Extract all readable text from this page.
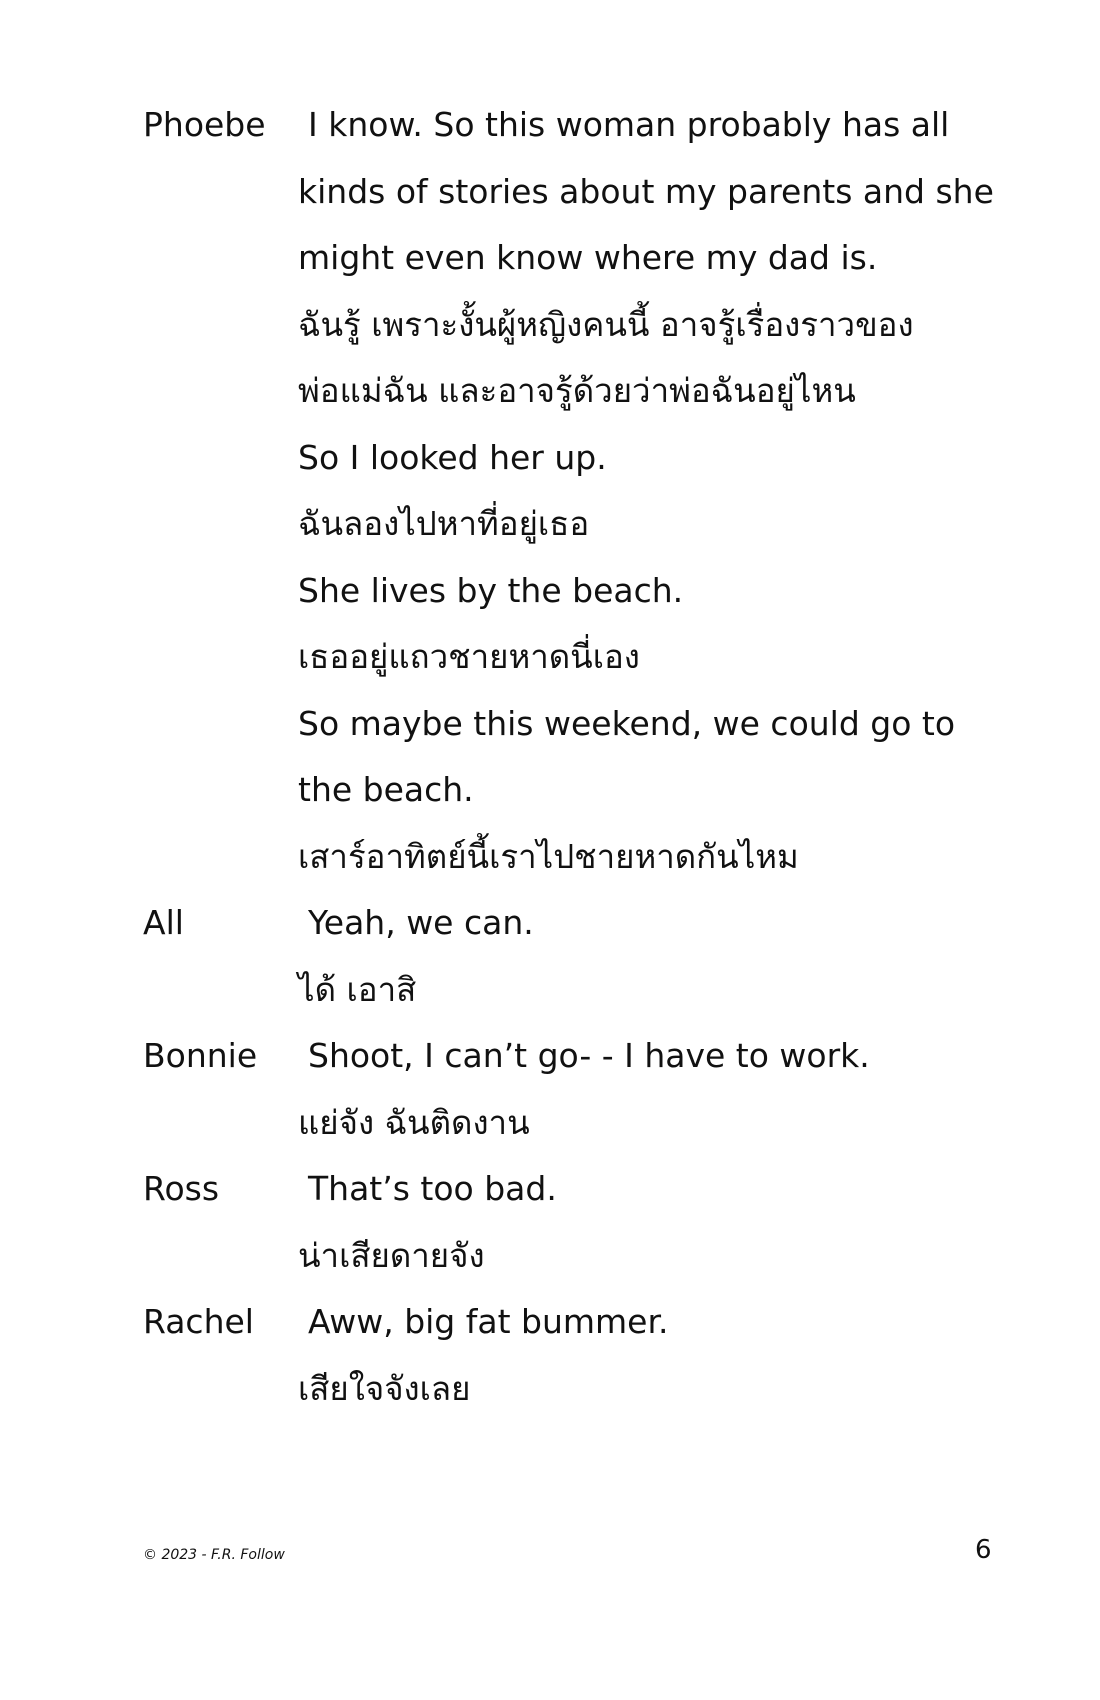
Phoebe I know. So this woman probably has all
kinds of stories about my parents and she
might even know where my dad is.
ฉันรู้ เพราะงั้นผู้หญิงคนนี้ อาจรู้เรื่องราวของ
พ่อแม่ฉัน และอาจรู้ด้วยว่าพ่อฉันอยู่ไหน
So I looked her up.
ฉันลองไปหาที่อยู่เธอ
She lives by the beach.
เธออยู่แถวชายหาดนี่เอง
So maybe this weekend, we could go to
the beach.
เสาร์อาทิตย์นี้เราไปชายหาดกันไหม
All	Yeah, we can.
ได้ เอาสิ
Bonnie Shoot, I can’t go- - I have to work.
แย่จัง ฉันติดงาน
Ross	That’s too bad.
น่าเสียดายจัง
Rachel Aww, big fat bummer.
เสียใจจังเลย
© 2023 - F.R. Follow	6
